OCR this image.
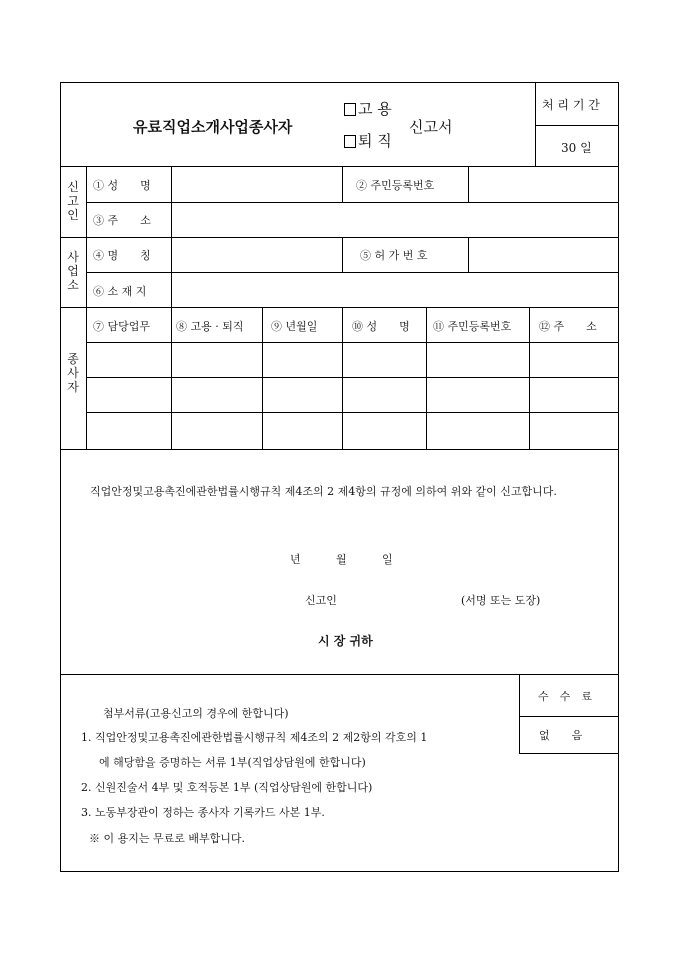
유료직업소개사업종사자
고 용
퇴 직
신고서
처 리 기 간
30 일
신고인
① 성　　명	② 주민등록번호
③ 주　　소
사업소
④ 명　　칭	⑤ 허 가 번 호
⑥ 소 재 지
종사자
⑦ 담당업무 ⑧ 고용 · 퇴직	⑨ 년월일	⑩ 성　　명 ⑪ 주민등록번호	⑫ 주　　소
직업안정및고용촉진에관한법률시행규칙 제4조의 2 제4항의 규정에 의하여 위와 같이 신고합니다.
년	월	일
신고인	(서명 또는 도장)
시 장 귀하
첨부서류(고용신고의 경우에 한합니다)
1. 직업안정및고용촉진에관한법률시행규칙 제4조의 2 제2항의 각호의 1
에 해당함을 증명하는 서류 1부(직업상담원에 한합니다)
2. 신원진술서 4부 및 호적등본 1부 (직업상담원에 한합니다)
3. 노동부장관이 정하는 종사자 기록카드 사본 1부.
※ 이 용지는 무료로 배부합니다.
수　수　료
없　　음
